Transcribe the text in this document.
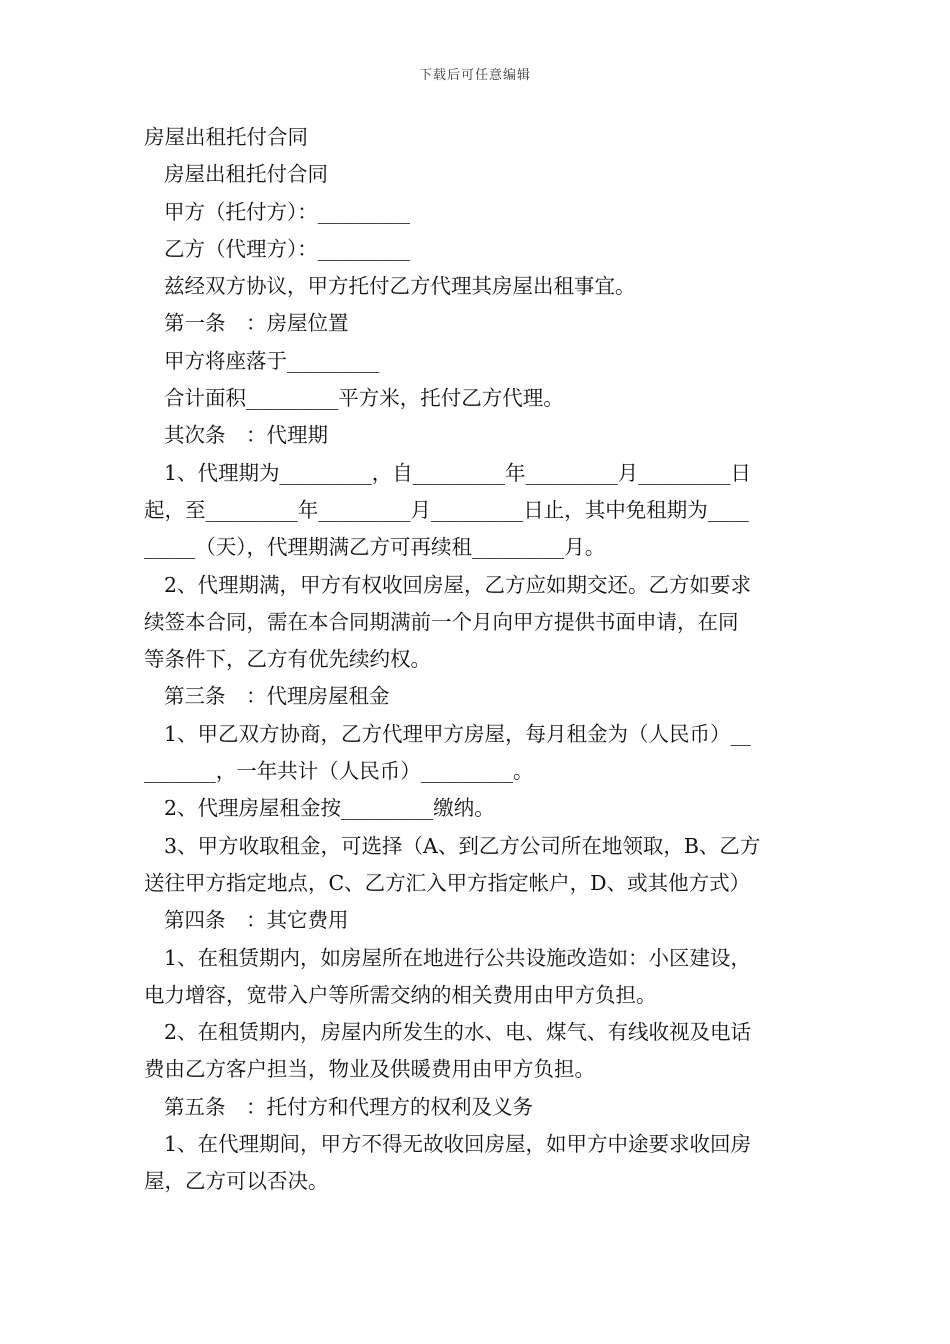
下载后可任意编辑

房屋出租托付合同

房屋出租托付合同

甲方（托付方）：_________

乙方（代理方）：_________

兹经双方协议，甲方托付乙方代理其房屋出租事宜。

第一条　：房屋位置

甲方将座落于_________

合计面积_________平方米，托付乙方代理。

其次条　：代理期

1、代理期为_________，自_________年_________月_________日

起，至_________年_________月_________日止，其中免租期为____

_____（天），代理期满乙方可再续租_________月。

2、代理期满，甲方有权收回房屋，乙方应如期交还。乙方如要求

续签本合同，需在本合同期满前一个月向甲方提供书面申请，在同

等条件下，乙方有优先续约权。

第三条　：代理房屋租金

1、甲乙双方协商，乙方代理甲方房屋，每月租金为（人民币）__

_______，一年共计（人民币）_________。

2、代理房屋租金按_________缴纳。

3、甲方收取租金，可选择（A、到乙方公司所在地领取，B、乙方

送往甲方指定地点，C、乙方汇入甲方指定帐户，D、或其他方式）

第四条　：其它费用

1、在租赁期内，如房屋所在地进行公共设施改造如：小区建设，

电力增容，宽带入户等所需交纳的相关费用由甲方负担。

2、在租赁期内，房屋内所发生的水、电、煤气、有线收视及电话

费由乙方客户担当，物业及供暖费用由甲方负担。

第五条　：托付方和代理方的权利及义务

1、在代理期间，甲方不得无故收回房屋，如甲方中途要求收回房

屋，乙方可以否决。
